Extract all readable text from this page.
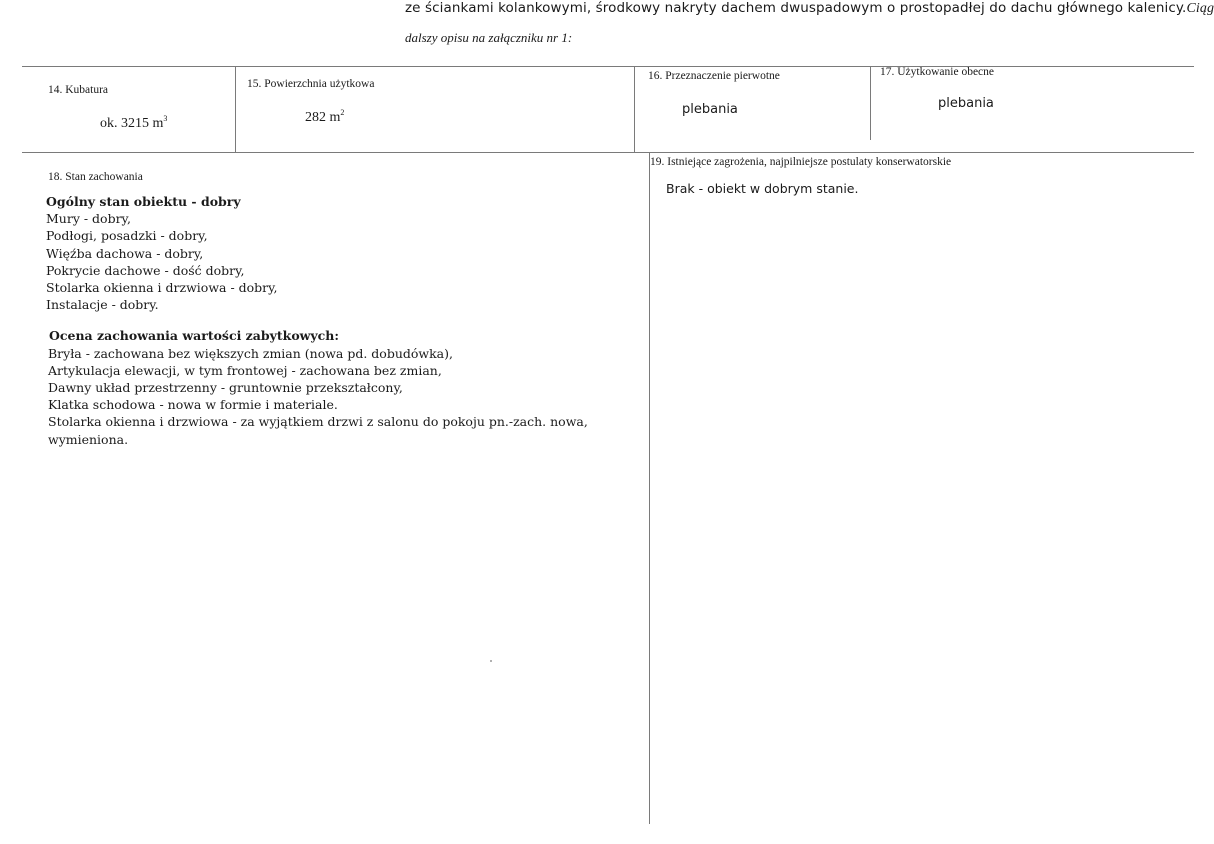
ze ściankami kolankowymi, środkowy nakryty dachem dwuspadowym o prostopadłej do dachu głównego kalenicy.Ciąg
dalszy opisu na załączniku nr 1:
14. Kubatura
ok. 3215 $m^3$
15. Powierzchnia użytkowa
282 $m^2$
16. Przeznaczenie pierwotne
plebania
17. Użytkowanie obecne
plebania
18. Stan zachowania
Ogólny stan obiektu - dobry
Mury - dobry,
Podłogi, posadzki - dobry,
Więźba dachowa - dobry,
Pokrycie dachowe - dość dobry,
Stolarka okienna i drzwiowa - dobry,
Instalacje - dobry.
Ocena zachowania wartości zabytkowych:
Bryła - zachowana bez większych zmian (nowa pd. dobudówka),
Artykulacja elewacji, w tym frontowej - zachowana bez zmian,
Dawny układ przestrzenny - gruntownie przekształcony,
Klatka schodowa - nowa w formie i materiale.
Stolarka okienna i drzwiowa - za wyjątkiem drzwi z salonu do pokoju pn.-zach. nowa,
wymieniona.
19. Istniejące zagrożenia, najpilniejsze postulaty konserwatorskie
Brak - obiekt w dobrym stanie.
